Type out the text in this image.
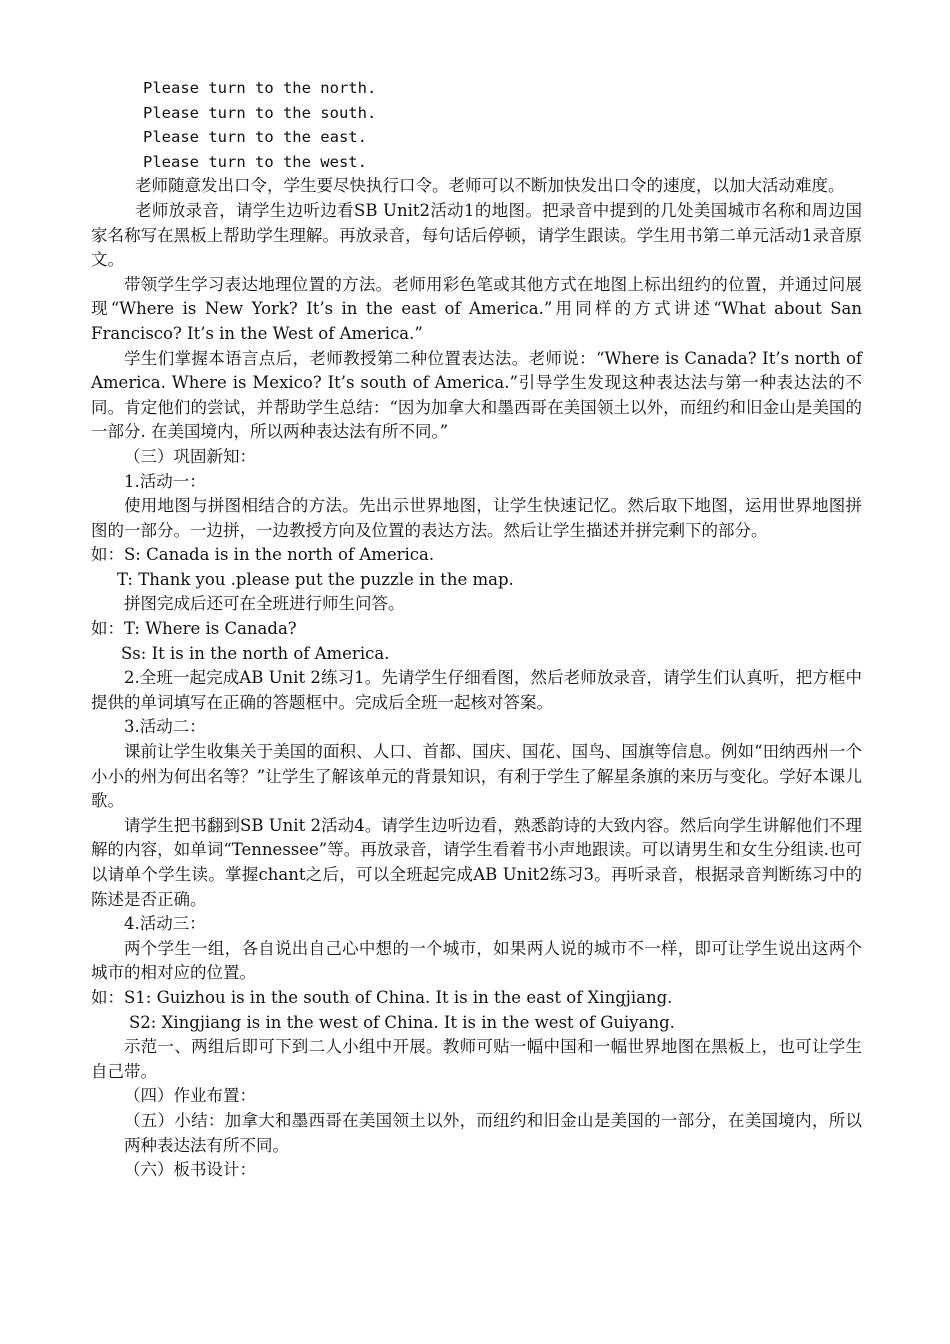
Please turn to the north.
Please turn to the south.
Please turn to the east.
Please turn to the west.

老师随意发出口令，学生要尽快执行口令。老师可以不断加快发出口令的速度，以加大活动难度。

老师放录音，请学生边听边看SB Unit2活动1的地图。把录音中提到的几处美国城市名称和周边国家名称写在黑板上帮助学生理解。再放录音，每句话后停顿，请学生跟读。学生用书第二单元活动1录音原文。

带领学生学习表达地理位置的方法。老师用彩色笔或其他方式在地图上标出纽约的位置，并通过问展现“Where is New York? It’s in the east of America.”用同样的方式讲述“What about San Francisco? It’s in the West of America.”

学生们掌握本语言点后，老师教授第二种位置表达法。老师说：“Where is Canada? It’s north of America. Where is Mexico? It’s south of America.”引导学生发现这种表达法与第一种表达法的不同。肯定他们的尝试，并帮助学生总结：“因为加拿大和墨西哥在美国领土以外，而纽约和旧金山是美国的一部分. 在美国境内，所以两种表达法有所不同。”

（三）巩固新知：

1.活动一：

使用地图与拼图相结合的方法。先出示世界地图，让学生快速记忆。然后取下地图，运用世界地图拼图的一部分。一边拼，一边教授方向及位置的表达方法。然后让学生描述并拼完剩下的部分。

如：S: Canada is in the north of America.
T: Thank you .please put the puzzle in the map.

拼图完成后还可在全班进行师生问答。

如：T: Where is Canada?
Ss: It is in the north of America.

2.全班一起完成AB Unit 2练习1。先请学生仔细看图，然后老师放录音，请学生们认真听，把方框中提供的单词填写在正确的答题框中。完成后全班一起核对答案。

3.活动二：

课前让学生收集关于美国的面积、人口、首都、国庆、国花、国鸟、国旗等信息。例如“田纳西州一个小小的州为何出名等？”让学生了解该单元的背景知识，有利于学生了解星条旗的来历与变化。学好本课儿歌。

请学生把书翻到SB Unit 2活动4。请学生边听边看，熟悉韵诗的大致内容。然后向学生讲解他们不理解的内容，如单词“Tennessee”等。再放录音，请学生看着书小声地跟读。可以请男生和女生分组读.也可以请单个学生读。掌握chant之后，可以全班起完成AB Unit2练习3。再听录音，根据录音判断练习中的陈述是否正确。

4.活动三：

两个学生一组，各自说出自己心中想的一个城市，如果两人说的城市不一样，即可让学生说出这两个城市的相对应的位置。

如：S1: Guizhou is in the south of China. It is in the east of Xingjiang.
S2: Xingjiang is in the west of China. It is in the west of Guiyang.

示范一、两组后即可下到二人小组中开展。教师可贴一幅中国和一幅世界地图在黑板上，也可让学生自己带。

（四）作业布置：

（五）小结：加拿大和墨西哥在美国领土以外，而纽约和旧金山是美国的一部分，在美国境内，所以两种表达法有所不同。

（六）板书设计：
